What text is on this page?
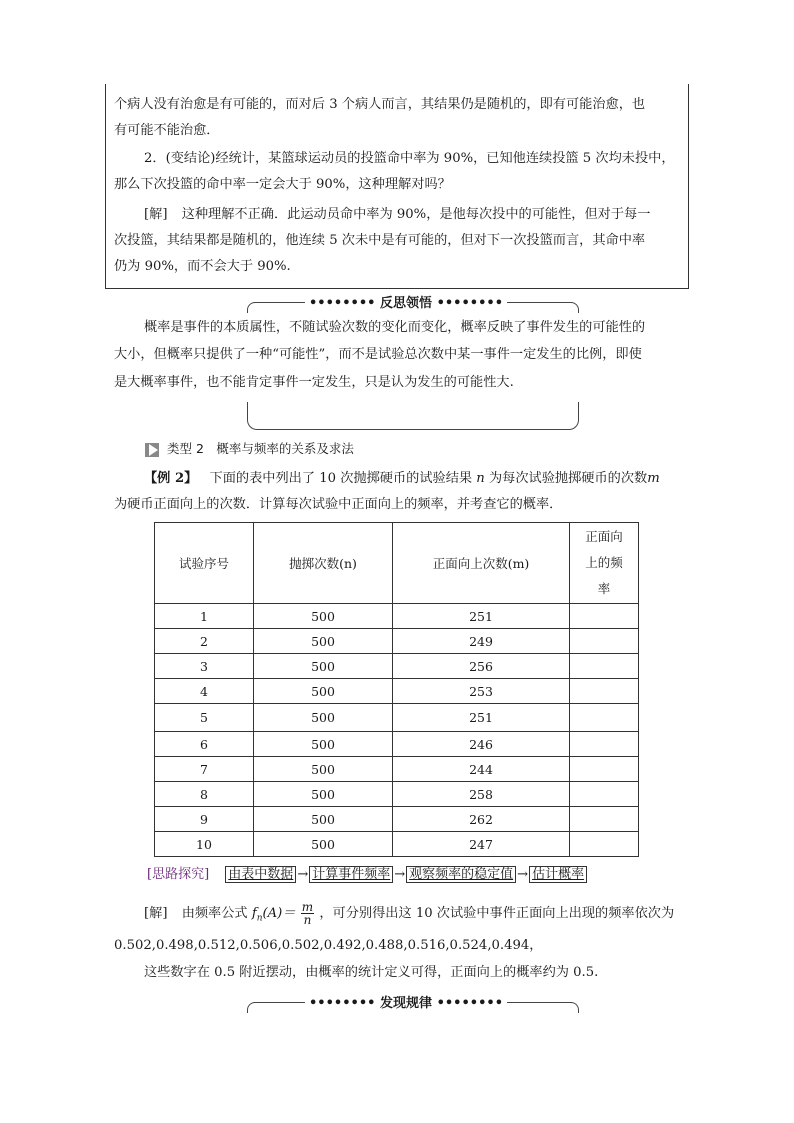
个病人没有治愈是有可能的，而对后 3 个病人而言，其结果仍是随机的，即有可能治愈，也
有可能不能治愈．
2．(变结论)经统计，某篮球运动员的投篮命中率为 90%，已知他连续投篮 5 次均未投中，
那么下次投篮的命中率一定会大于 90%，这种理解对吗？
[解] 这种理解不正确．此运动员命中率为 90%，是他每次投中的可能性，但对于每一
次投篮，其结果都是随机的，他连续 5 次未中是有可能的，但对下一次投篮而言，其命中率
仍为 90%，而不会大于 90%.
•••••••• 反思领悟 ••••••••
概率是事件的本质属性，不随试验次数的变化而变化，概率反映了事件发生的可能性的
大小，但概率只提供了一种“可能性”，而不是试验总次数中某一事件一定发生的比例，即使
是大概率事件，也不能肯定事件一定发生，只是认为发生的可能性大.
类型 2　概率与频率的关系及求法
【例 2】 下面的表中列出了 10 次抛掷硬币的试验结果 n 为每次试验抛掷硬币的次数m
为硬币正面向上的次数．计算每次试验中正面向上的频率，并考查它的概率．
试验序号	抛掷次数(n)	正面向上次数(m)	正面向
上的频
率

1	500	251	
2	500	249	
3	500	256	
4	500	253	
5	500	251	
6	500	246	
7	500	244	
8	500	258	
9	500	262	
10	500	247	
[思路探究] 由表中数据 → 计算事件频率 → 观察频率的稳定值 → 估计概率
[解] 由频率公式 $f_n(A)= \frac{m}{n}$ ，可分别得出这 10 次试验中事件正面向上出现的频率依次为
0.502,0.498,0.512,0.506,0.502,0.492,0.488,0.516,0.524,0.494，
这些数字在 0.5 附近摆动，由概率的统计定义可得，正面向上的概率约为 0.5.
•••••••• 发现规律 ••••••••
